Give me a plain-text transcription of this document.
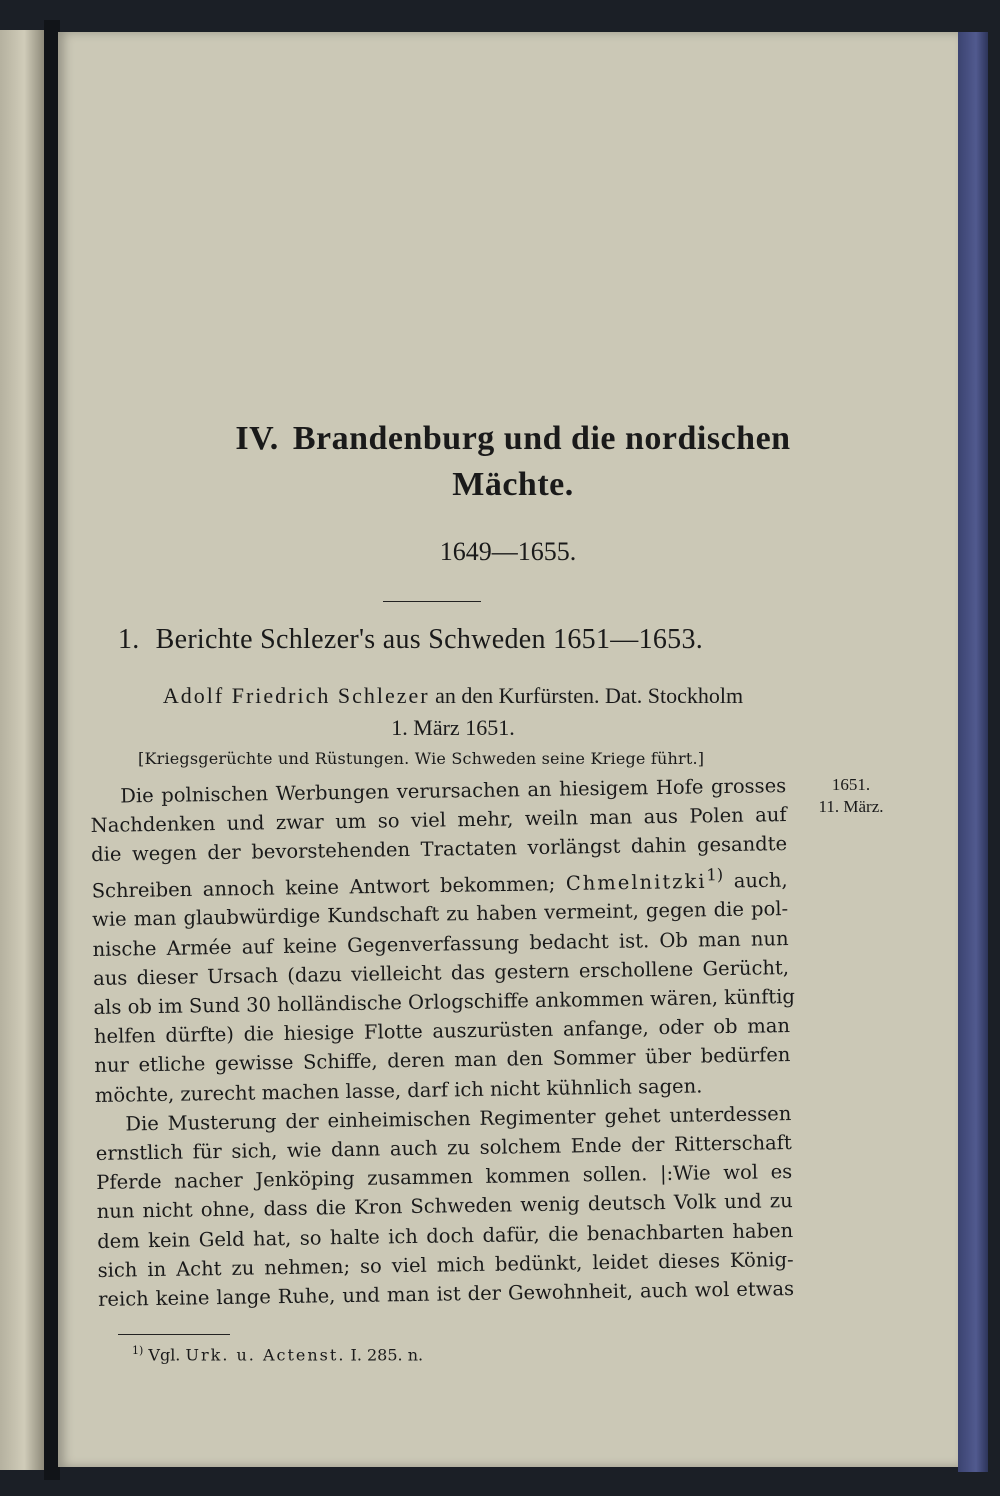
IV. Brandenburg und die nordischen
Mächte.
1649—1655.
1. Berichte Schlezer's aus Schweden 1651—1653.
Adolf Friedrich Schlezer an den Kurfürsten. Dat. Stockholm
1. März 1651.
[Kriegsgerüchte und Rüstungen. Wie Schweden seine Kriege führt.]
1651.
11. März.
Die polnischen Werbungen verursachen an hiesigem Hofe grosses
Nachdenken und zwar um so viel mehr, weiln man aus Polen auf
die wegen der bevorstehenden Tractaten vorlängst dahin gesandte
Schreiben annoch keine Antwort bekommen; Chmelnitzki$^{1)}$ auch,
wie man glaubwürdige Kundschaft zu haben vermeint, gegen die pol-
nische Armée auf keine Gegenverfassung bedacht ist. Ob man nun
aus dieser Ursach (dazu vielleicht das gestern erschollene Gerücht,
als ob im Sund 30 holländische Orlogschiffe ankommen wären, künftig
helfen dürfte) die hiesige Flotte auszurüsten anfange, oder ob man
nur etliche gewisse Schiffe, deren man den Sommer über bedürfen
möchte, zurecht machen lasse, darf ich nicht kühnlich sagen.
Die Musterung der einheimischen Regimenter gehet unterdessen
ernstlich für sich, wie dann auch zu solchem Ende der Ritterschaft
Pferde nacher Jenköping zusammen kommen sollen. |:Wie wol es
nun nicht ohne, dass die Kron Schweden wenig deutsch Volk und zu
dem kein Geld hat, so halte ich doch dafür, die benachbarten haben
sich in Acht zu nehmen; so viel mich bedünkt, leidet dieses König-
reich keine lange Ruhe, und man ist der Gewohnheit, auch wol etwas
$^{1)}$ Vgl. Urk. u. Actenst. I. 285. n.
